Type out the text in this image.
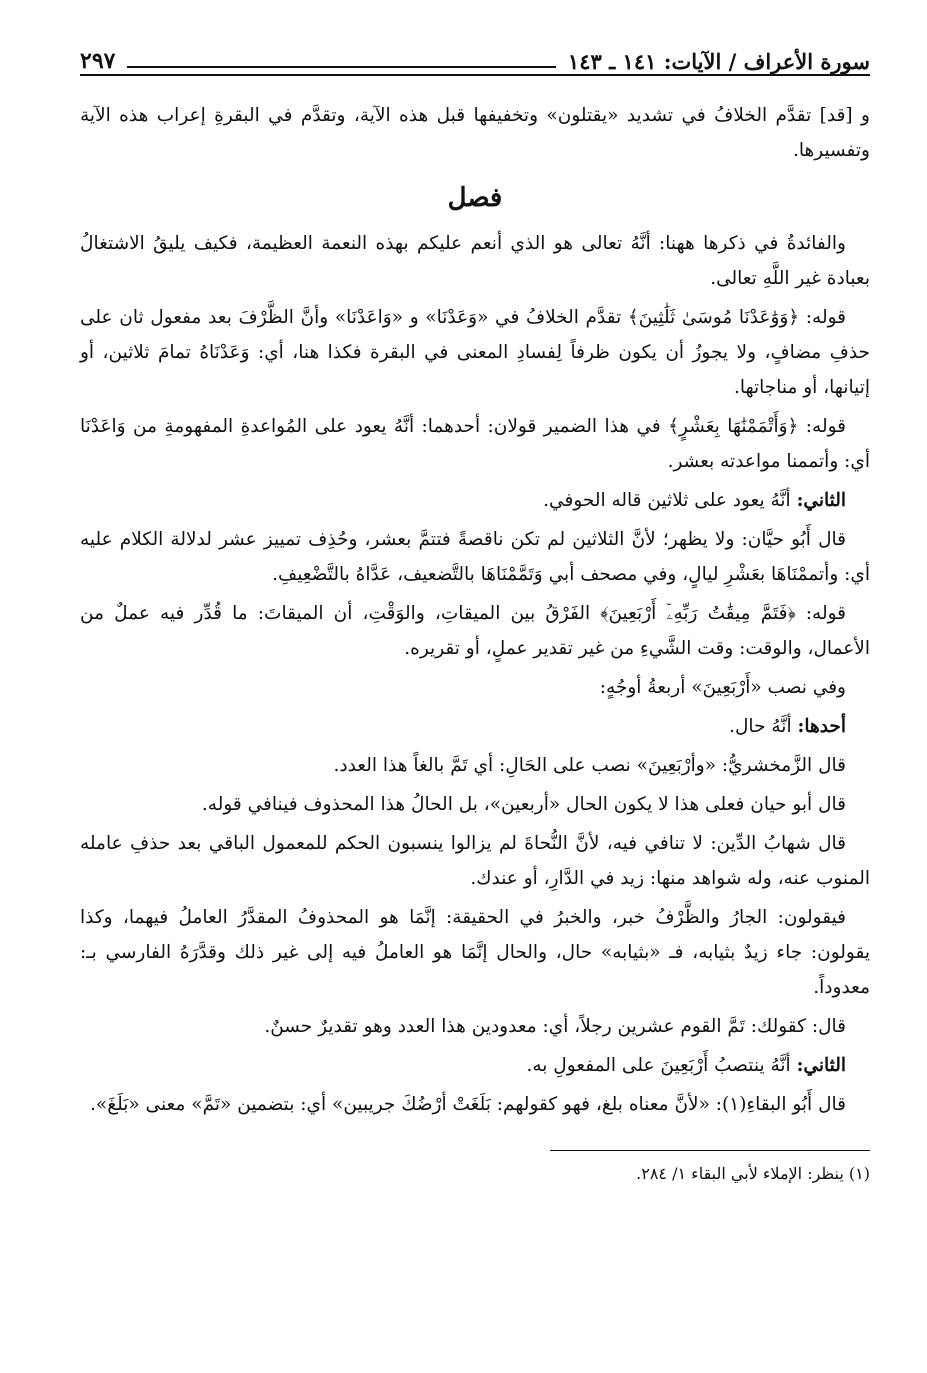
سورة الأعراف / الآيات: ١٤١ ـ ١٤٣
٢٩٧
و [قد] تقدَّم الخلافُ في تشديد «يقتلون» وتخفيفها قبل هذه الآية، وتقدَّم في البقرةِ إعراب هذه الآية وتفسيرها.
فصل
والفائدةُ في ذكرها ههنا: أنَّهُ تعالى هو الذي أنعم عليكم بهذه النعمة العظيمة، فكيف يليقُ الاشتغالُ بعبادة غير اللَّهِ تعالى.
قوله: ﴿وَوَٰعَدْنَا مُوسَىٰ ثَلَٰثِينَ﴾ تقدَّم الخلافُ في «وَعَدْنَا» و «وَاعَدْنَا» وأنَّ الظَّرْفَ بعد مفعول ثان على حذفِ مضافٍ، ولا يجوزُ أن يكون ظرفاً لِفسادِ المعنى في البقرة فكذا هنا، أي: وَعَدْنَاهُ تمامَ ثلاثين، أو إتيانها، أو مناجاتها.
قوله: ﴿وَأَتْمَمْنَٰهَا بِعَشْرٍ﴾ في هذا الضمير قولان: أحدهما: أنَّهُ يعود على المُواعدةِ المفهومةِ من وَاعَدْنَا أي: وأتممنا مواعدته بعشر.
الثاني: أنَّهُ يعود على ثلاثين قاله الحوفي.
قال أَبُو حيَّان: ولا يظهر؛ لأنَّ الثلاثين لم تكن ناقصةً فتتمَّ بعشر، وحُذِف تمييز عشر لدلالة الكلام عليه أي: وأتممْنَاهَا بعَشْرِ ليالٍ، وفي مصحف أبي وَتَمَّمْنَاهَا بالتَّضعيف، عَدَّاهُ بالتَّضْعِيفِ.
قوله: ﴿فَتَمَّ مِيقَٰتُ رَبِّهِۦٓ أَرْبَعِينَ﴾ الفَرْقُ بين الميقاتِ، والوَقْتِ، أن الميقاتَ: ما قُدِّر فيه عملٌ من الأعمال، والوقت: وقت الشَّيءِ من غير تقدير عملٍ، أو تقريره.
وفي نصب «أَرْبَعِينَ» أربعةُ أوجُهٍ:
أحدها: أنَّهُ حال.
قال الزَّمخشريُّ: «وأرْبَعِينَ» نصب على الحَالِ: أي تَمَّ بالغاً هذا العدد.
قال أبو حيان فعلى هذا لا يكون الحال «أربعين»، بل الحالُ هذا المحذوف فينافي قوله.
قال شهابُ الدِّين: لا تنافي فيه، لأنَّ النُّحاةَ لم يزالوا ينسبون الحكم للمعمول الباقي بعد حذفِ عامله المنوب عنه، وله شواهد منها: زيد في الدَّارِ، أو عندك.
فيقولون: الجارُ والظَّرْفُ خبر، والخبرُ في الحقيقة: إنَّمَا هو المحذوفُ المقدَّرُ العاملُ فيهما، وكذا يقولون: جاء زيدٌ بثيابه، فـ «بثيابه» حال، والحال إنَّمَا هو العاملُ فيه إلى غير ذلك وقدَّرَهُ الفارسي بـ: معدوداً.
قال: كقولك: تَمَّ القوم عشرين رجلاً، أي: معدودين هذا العدد وهو تقديرٌ حسنٌ.
الثاني: أنَّهُ ينتصبُ أَرْبَعِينَ على المفعولِ به.
قال أَبُو البقاءِ(١): «لأنَّ معناه بلغ، فهو كقولهم: بَلَغَتْ أرْضُكَ جريبين» أي: بتضمين «تَمَّ» معنى «بَلَغَ».
(١) ينظر: الإملاء لأبي البقاء ١/ ٢٨٤.
